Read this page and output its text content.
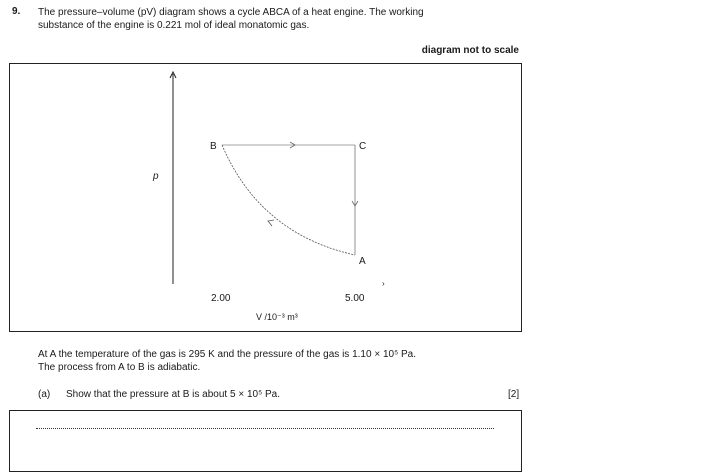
9. The pressure–volume (pV) diagram shows a cycle ABCA of a heat engine. The working
substance of the engine is 0.221 mol of ideal monatomic gas.
diagram not to scale
p
B	C
A
›
2.00	5.00
V /10⁻³ m³
At A the temperature of the gas is 295 K and the pressure of the gas is 1.10 × 10⁵ Pa.
The process from A to B is adiabatic.
(a) Show that the pressure at B is about 5 × 10⁵ Pa.	[2]
